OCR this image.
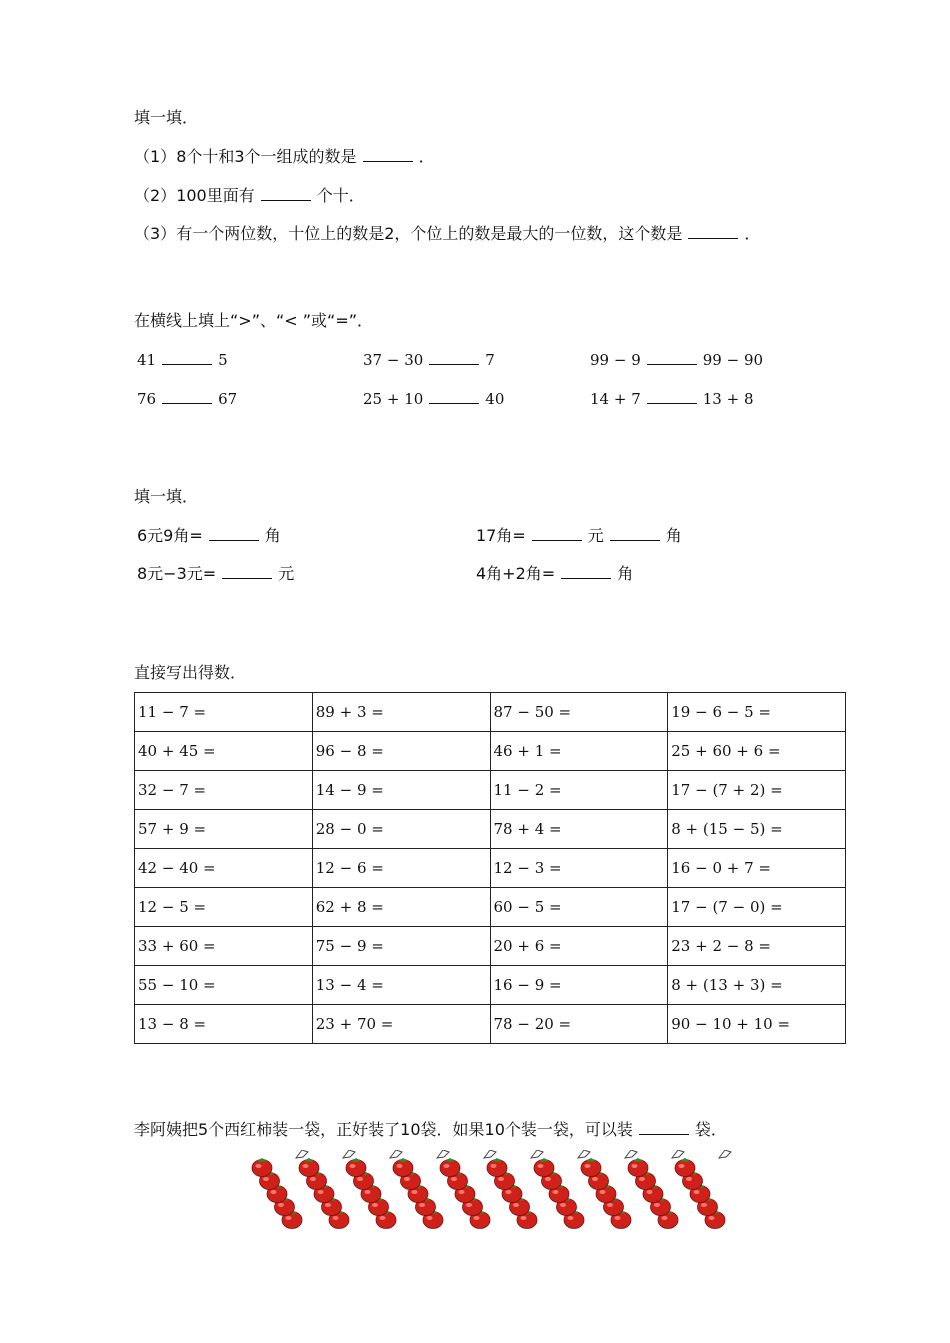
填一填．
（1）8个十和3个一组成的数是	．
（2）100里面有	个十．
（3）有一个两位数，十位上的数是2，个位上的数是最大的一位数，这个数是	．
在横线上填上“>”、“< ”或“=”．
41	5	37 − 30	7	99 − 9	99 − 90
76	67	25 + 10	40	14 + 7	13 + 8
填一填．
6元9角=	角	17角=	元	角
8元−3元=	元	4角+2角=	角
直接写出得数．
11 − 7 =	89 + 3 =	87 − 50 =	19 − 6 − 5 =
40 + 45 =	96 − 8 =	46 + 1 =	25 + 60 + 6 =
32 − 7 =	14 − 9 =	11 − 2 =	17 − (7 + 2) =
57 + 9 =	28 − 0 =	78 + 4 =	8 + (15 − 5) =
42 − 40 =	12 − 6 =	12 − 3 =	16 − 0 + 7 =
12 − 5 =	62 + 8 =	60 − 5 =	17 − (7 − 0) =
33 + 60 =	75 − 9 =	20 + 6 =	23 + 2 − 8 =
55 − 10 =	13 − 4 =	16 − 9 =	8 + (13 + 3) =
13 − 8 =	23 + 70 =	78 − 20 =	90 − 10 + 10 =
李阿姨把5个西红柿装一袋，正好装了10袋．如果10个装一袋，可以装	袋．
